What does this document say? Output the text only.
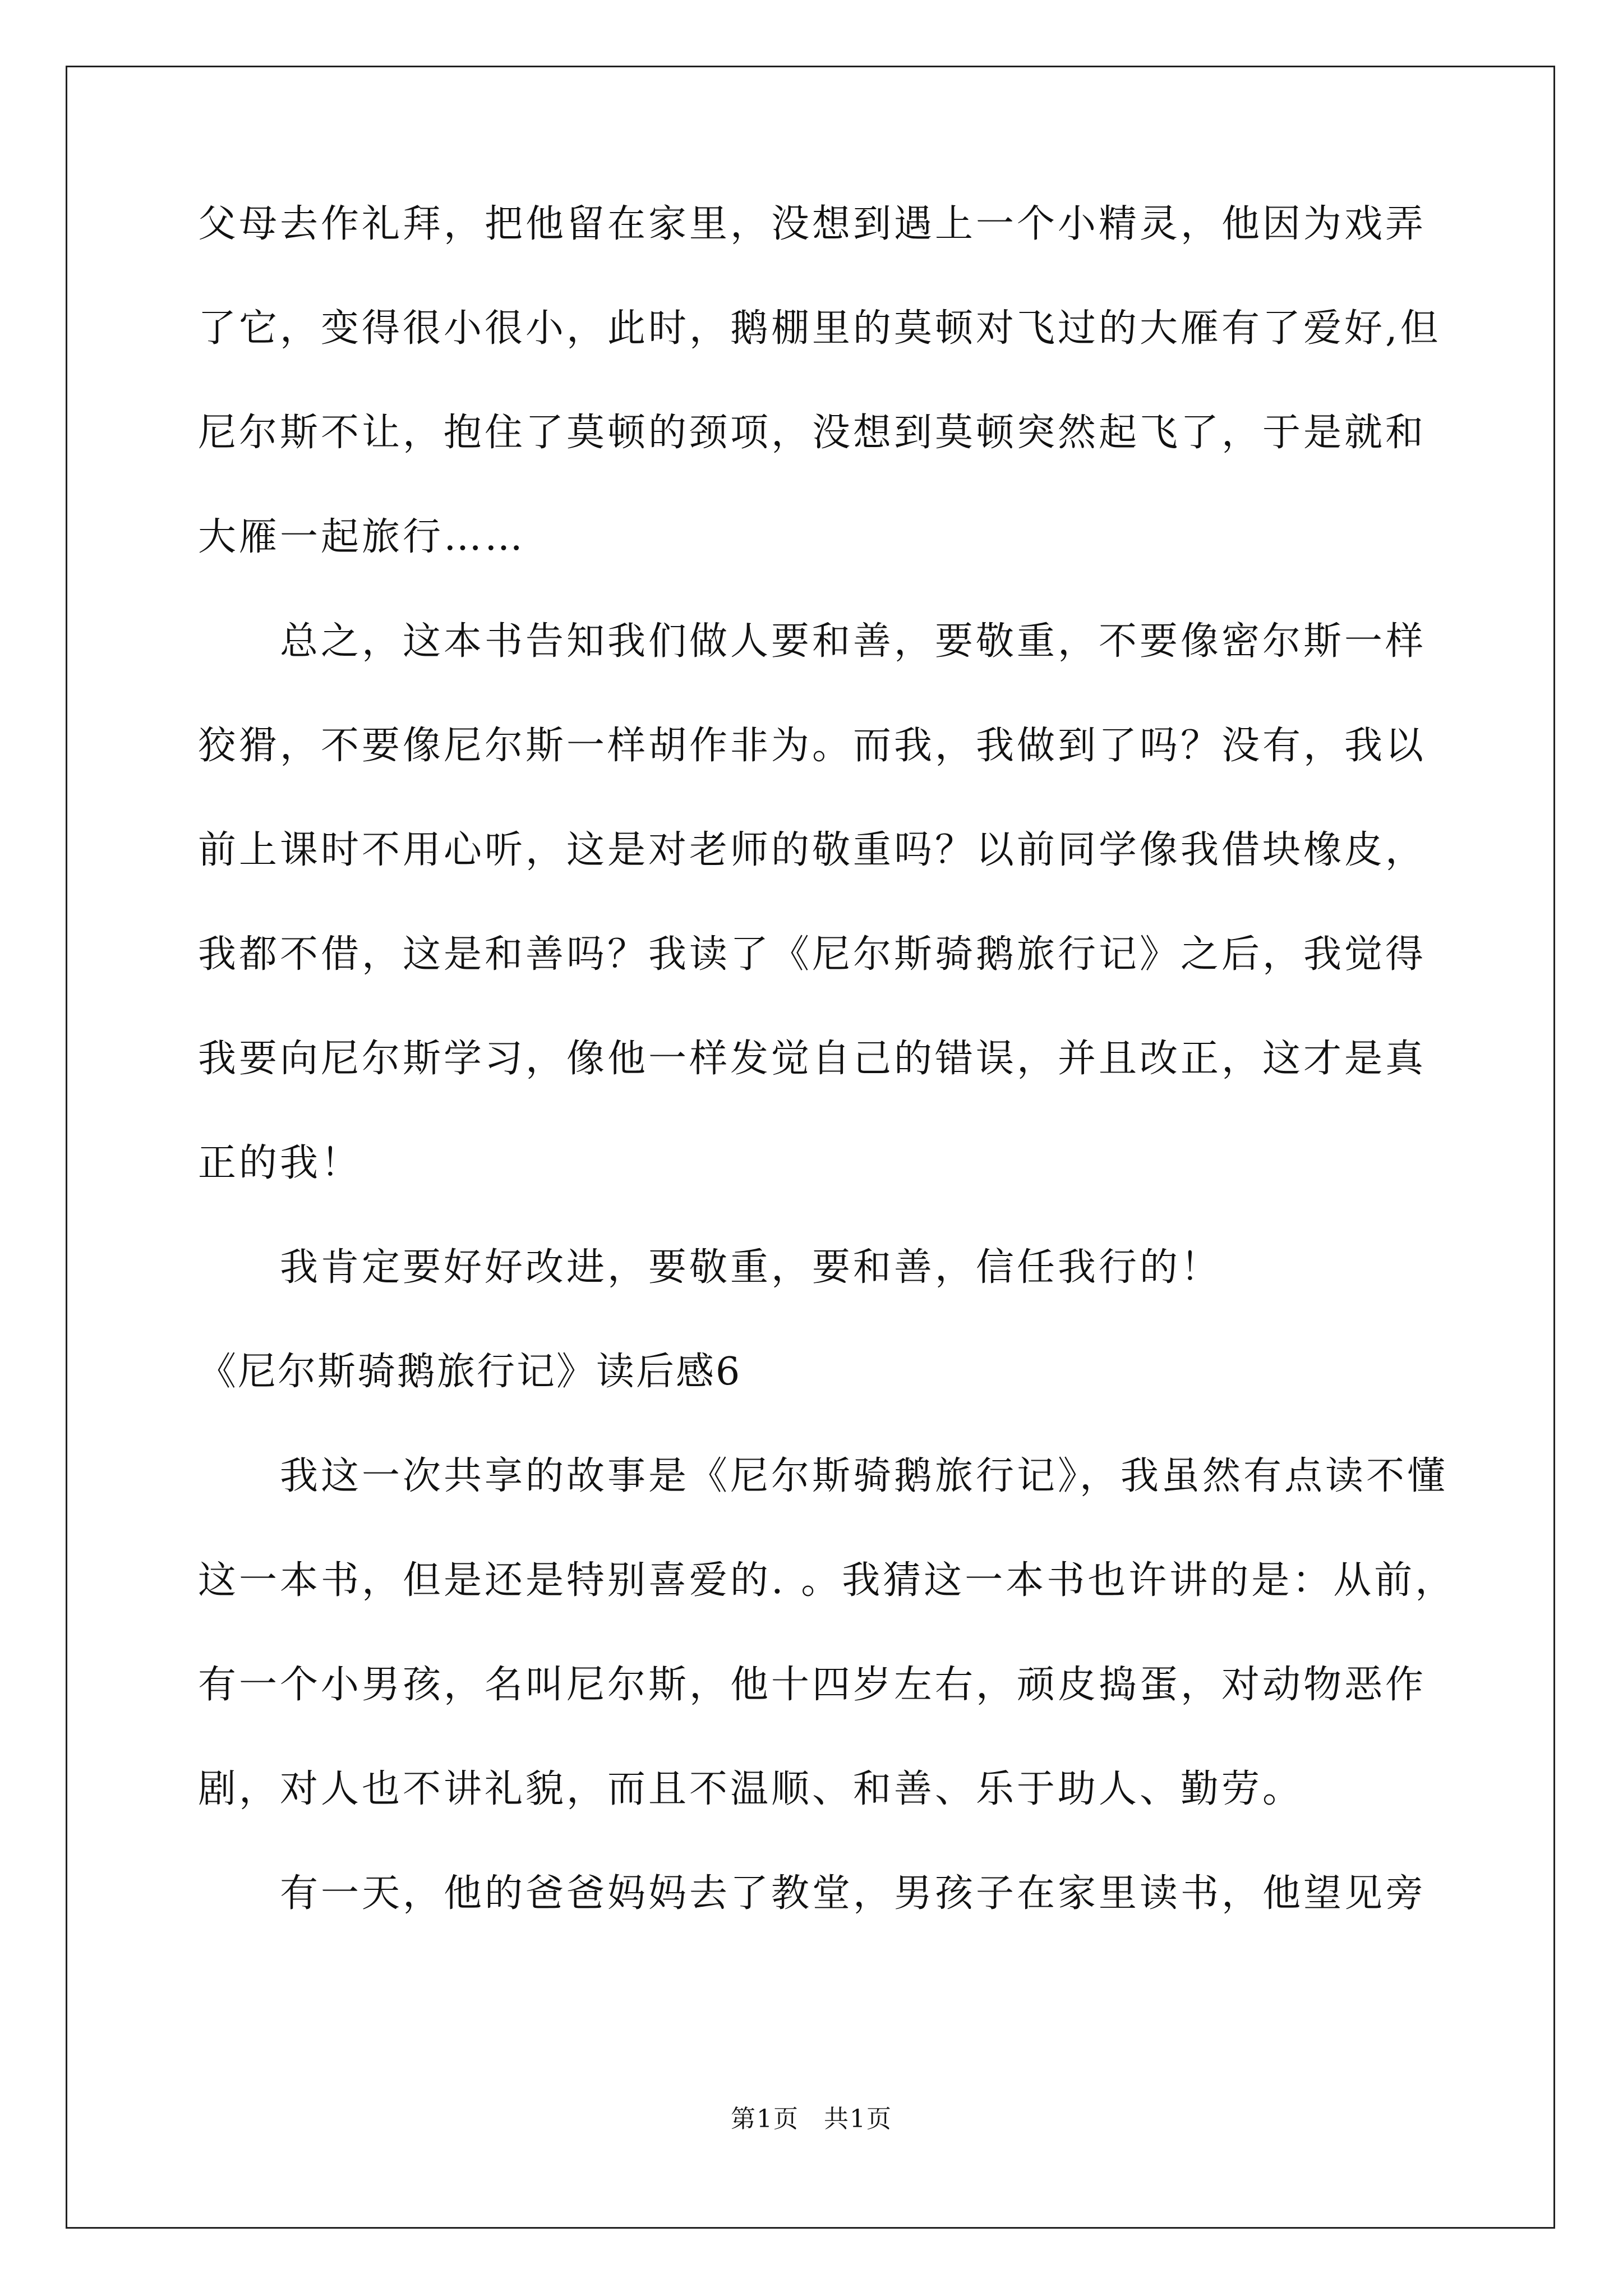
父母去作礼拜，把他留在家里，没想到遇上一个小精灵，他因为戏弄
了它，变得很小很小，此时，鹅棚里的莫顿对飞过的大雁有了爱好,但
尼尔斯不让，抱住了莫顿的颈项，没想到莫顿突然起飞了，于是就和
大雁一起旅行……
总之，这本书告知我们做人要和善，要敬重，不要像密尔斯一样
狡猾，不要像尼尔斯一样胡作非为。而我，我做到了吗？没有，我以
前上课时不用心听，这是对老师的敬重吗？以前同学像我借块橡皮，
我都不借，这是和善吗？我读了《尼尔斯骑鹅旅行记》之后，我觉得
我要向尼尔斯学习，像他一样发觉自己的错误，并且改正，这才是真
正的我！
我肯定要好好改进，要敬重，要和善，信任我行的！
《尼尔斯骑鹅旅行记》读后感6
我这一次共享的故事是《尼尔斯骑鹅旅行记》，我虽然有点读不懂
这一本书，但是还是特别喜爱的. 。我猜这一本书也许讲的是：从前，
有一个小男孩，名叫尼尔斯，他十四岁左右，顽皮捣蛋，对动物恶作
剧，对人也不讲礼貌，而且不温顺、和善、乐于助人、勤劳。
有一天，他的爸爸妈妈去了教堂，男孩子在家里读书，他望见旁
第1页 共1页
